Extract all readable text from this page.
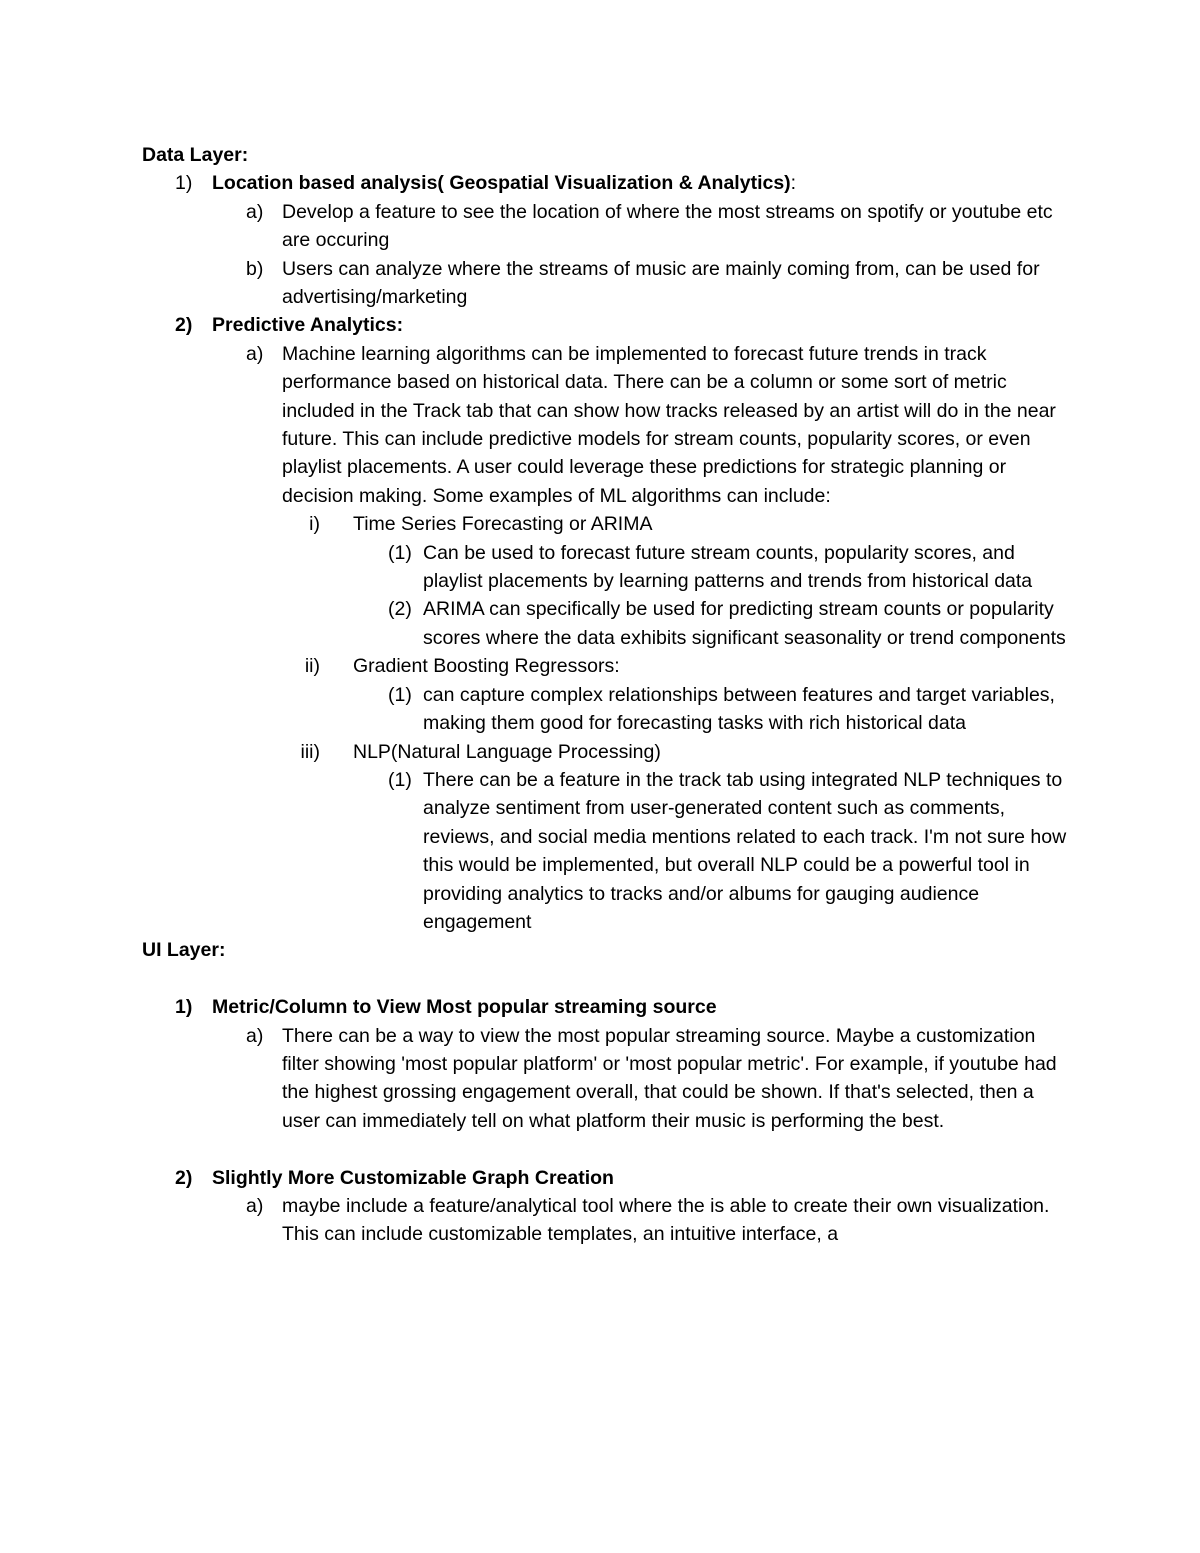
Data Layer:
1) Location based analysis( Geospatial Visualization & Analytics):
a) Develop a feature to see the location of where the most streams on spotify or youtube etc are occuring
b) Users can analyze where the streams of music are mainly coming from, can be used for advertising/marketing
2) Predictive Analytics:
a) Machine learning algorithms can be implemented to forecast future trends in track performance based on historical data. There can be a column or some sort of metric included in the Track tab that can show how tracks released by an artist will do in the near future. This can include predictive models for stream counts, popularity scores, or even playlist placements. A user could leverage these predictions for strategic planning or decision making. Some examples of ML algorithms can include:
i) Time Series Forecasting or ARIMA
(1) Can be used to forecast future stream counts, popularity scores, and playlist placements by learning patterns and trends from historical data
(2) ARIMA can specifically be used for predicting stream counts or popularity scores where the data exhibits significant seasonality or trend components
ii) Gradient Boosting Regressors:
(1) can capture complex relationships between features and target variables, making them good for forecasting tasks with rich historical data
iii) NLP(Natural Language Processing)
(1) There can be a feature in the track tab using integrated NLP techniques to analyze sentiment from user-generated content such as comments, reviews, and social media mentions related to each track. I'm not sure how this would be implemented, but overall NLP could be a powerful tool in providing analytics to tracks and/or albums for gauging audience engagement
UI Layer:
1) Metric/Column to View Most popular streaming source
a) There can be a way to view the most popular streaming source. Maybe a customization filter showing 'most popular platform' or 'most popular metric'. For example, if youtube had the highest grossing engagement overall, that could be shown. If that's selected, then a user can immediately tell on what platform their music is performing the best.
2) Slightly More Customizable Graph Creation
a) maybe include a feature/analytical tool where the is able to create their own visualization. This can include customizable templates, an intuitive interface, a
